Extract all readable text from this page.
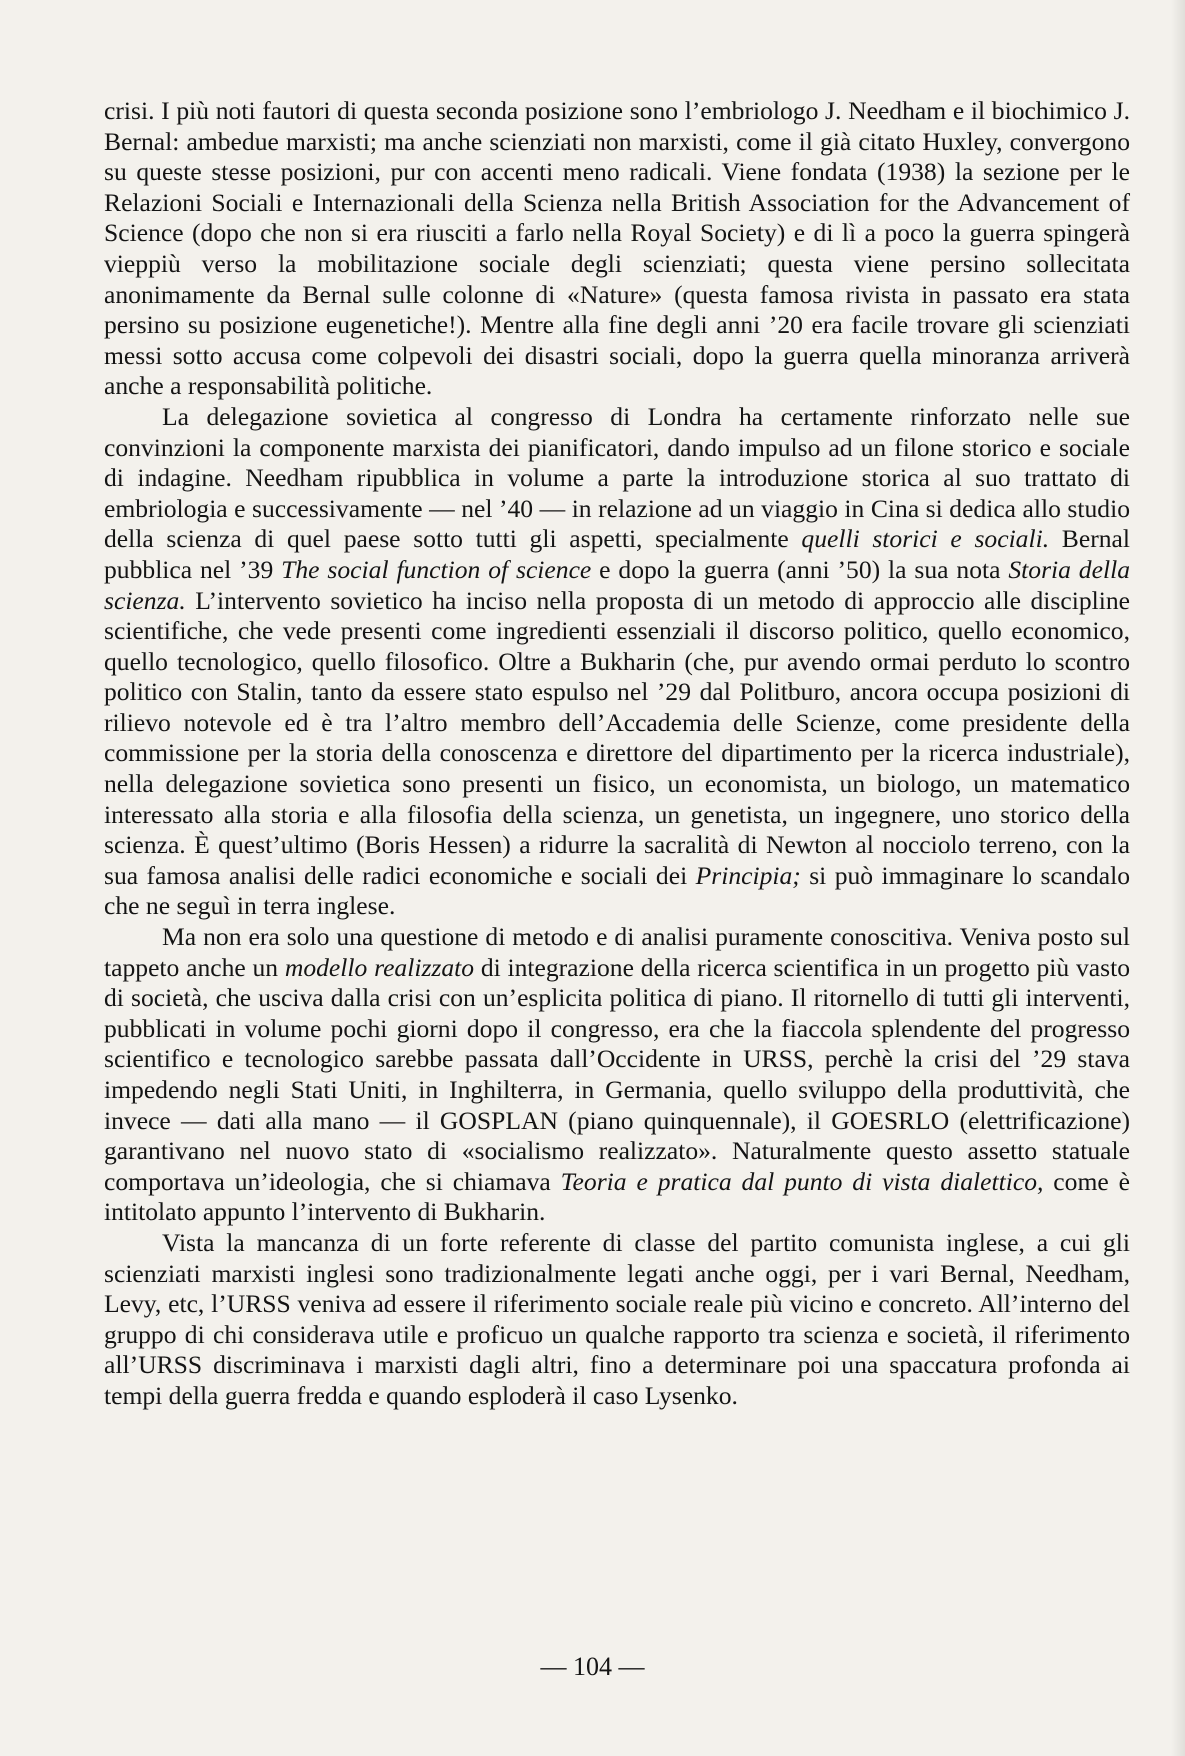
crisi. I più noti fautori di questa seconda posizione sono l’embriologo J. Needham e il biochimico J. Bernal: ambedue marxisti; ma anche scienziati non marxisti, come il già citato Huxley, convergono su queste stesse posizioni, pur con accenti meno radicali. Viene fondata (1938) la sezione per le Relazioni Sociali e Internazionali della Scienza nella British Association for the Advancement of Science (dopo che non si era riusciti a farlo nella Royal Society) e di lì a poco la guerra spingerà vieppiù verso la mobilitazione sociale degli scienziati; questa viene persino sollecitata anonimamente da Bernal sulle colonne di «Nature» (questa famosa rivista in passato era stata persino su posizione eugenetiche!). Mentre alla fine degli anni ’20 era facile trovare gli scienziati messi sotto accusa come colpevoli dei disastri sociali, dopo la guerra quella minoranza arriverà anche a responsabilità politiche.

La delegazione sovietica al congresso di Londra ha certamente rinforzato nelle sue convinzioni la componente marxista dei pianificatori, dando impulso ad un filone storico e sociale di indagine. Needham ripubblica in volume a parte la introduzione storica al suo trattato di embriologia e successivamente — nel ’40 — in relazione ad un viaggio in Cina si dedica allo studio della scienza di quel paese sotto tutti gli aspetti, specialmente quelli storici e sociali. Bernal pubblica nel ’39 The social function of science e dopo la guerra (anni ’50) la sua nota Storia della scienza. L’intervento sovietico ha inciso nella proposta di un metodo di approccio alle discipline scientifiche, che vede presenti come ingredienti essenziali il discorso politico, quello economico, quello tecnologico, quello filosofico. Oltre a Bukharin (che, pur avendo ormai perduto lo scontro politico con Stalin, tanto da essere stato espulso nel ’29 dal Politburo, ancora occupa posizioni di rilievo notevole ed è tra l’altro membro dell’Accademia delle Scienze, come presidente della commissione per la storia della conoscenza e direttore del dipartimento per la ricerca industriale), nella delegazione sovietica sono presenti un fisico, un economista, un biologo, un matematico interessato alla storia e alla filosofia della scienza, un genetista, un ingegnere, uno storico della scienza. È quest’ultimo (Boris Hessen) a ridurre la sacralità di Newton al nocciolo terreno, con la sua famosa analisi delle radici economiche e sociali dei Principia; si può immaginare lo scandalo che ne seguì in terra inglese.

Ma non era solo una questione di metodo e di analisi puramente conoscitiva. Veniva posto sul tappeto anche un modello realizzato di integrazione della ricerca scientifica in un progetto più vasto di società, che usciva dalla crisi con un’esplicita politica di piano. Il ritornello di tutti gli interventi, pubblicati in volume pochi giorni dopo il congresso, era che la fiaccola splendente del progresso scientifico e tecnologico sarebbe passata dall’Occidente in URSS, perchè la crisi del ’29 stava impedendo negli Stati Uniti, in Inghilterra, in Germania, quello sviluppo della produttività, che invece — dati alla mano — il GOSPLAN (piano quinquennale), il GOESRLO (elettrificazione) garantivano nel nuovo stato di «socialismo realizzato». Naturalmente questo assetto statuale comportava un’ideologia, che si chiamava Teoria e pratica dal punto di vista dialettico, come è intitolato appunto l’intervento di Bukharin.

Vista la mancanza di un forte referente di classe del partito comunista inglese, a cui gli scienziati marxisti inglesi sono tradizionalmente legati anche oggi, per i vari Bernal, Needham, Levy, etc, l’URSS veniva ad essere il riferimento sociale reale più vicino e concreto. All’interno del gruppo di chi considerava utile e proficuo un qualche rapporto tra scienza e società, il riferimento all’URSS discriminava i marxisti dagli altri, fino a determinare poi una spaccatura profonda ai tempi della guerra fredda e quando esploderà il caso Lysenko.

— 104 —
